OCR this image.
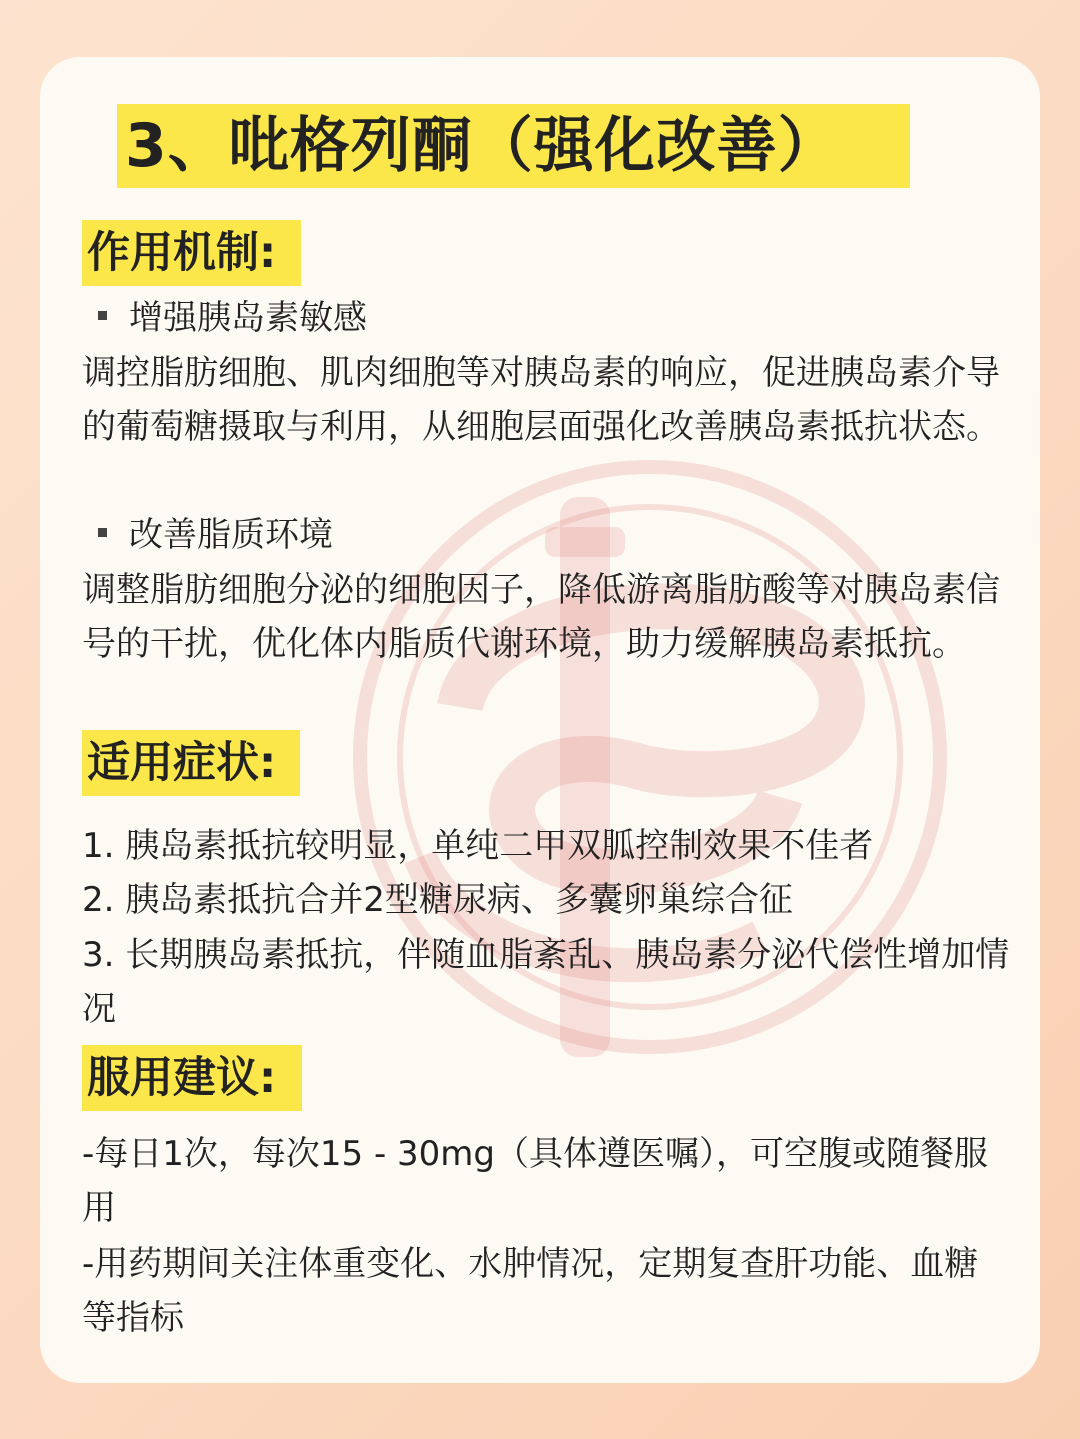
3、吡格列酮（强化改善）
作用机制:
增强胰岛素敏感
调控脂肪细胞、肌肉细胞等对胰岛素的响应，促进胰岛素介导的葡萄糖摄取与利用，从细胞层面强化改善胰岛素抵抗状态。
改善脂质环境
调整脂肪细胞分泌的细胞因子，降低游离脂肪酸等对胰岛素信号的干扰，优化体内脂质代谢环境，助力缓解胰岛素抵抗。
适用症状:
1. 胰岛素抵抗较明显，单纯二甲双胍控制效果不佳者
2. 胰岛素抵抗合并2型糖尿病、多囊卵巢综合征
3. 长期胰岛素抵抗，伴随血脂紊乱、胰岛素分泌代偿性增加情况
服用建议:
-每日1次，每次15 - 30mg（具体遵医嘱），可空腹或随餐服用
-用药期间关注体重变化、水肿情况，定期复查肝功能、血糖等指标
